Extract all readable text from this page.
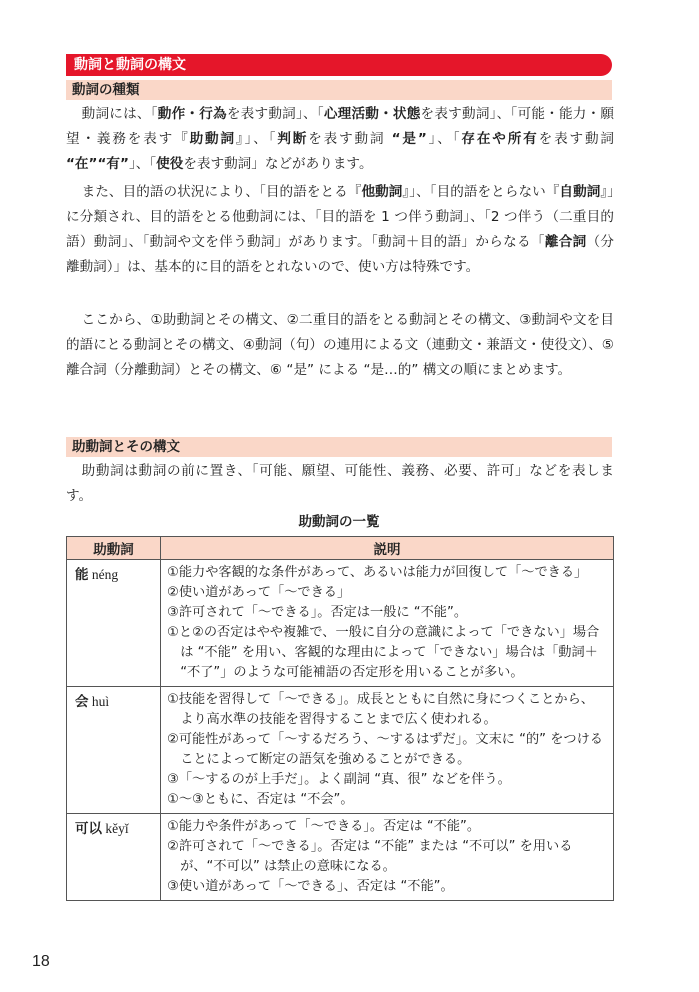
動詞と動詞の構文
動詞の種類

動詞には、「動作・行為を表す動詞」、「心理活動・状態を表す動詞」、「可能・能力・願望・義務を表す『助動詞』」、「判断を表す動詞 “是”」、「存在や所有を表す動詞 “在”“有”」、「使役を表す動詞」などがあります。

また、目的語の状況により、「目的語をとる『他動詞』」、「目的語をとらない『自動詞』」に分類され、目的語をとる他動詞には、「目的語を 1 つ伴う動詞」、「2 つ伴う（二重目的語）動詞」、「動詞や文を伴う動詞」があります。「動詞＋目的語」からなる「離合詞（分離動詞）」は、基本的に目的語をとれないので、使い方は特殊です。

ここから、①助動詞とその構文、②二重目的語をとる動詞とその構文、③動詞や文を目的語にとる動詞とその構文、④動詞（句）の連用による文（連動文・兼語文・使役文）、⑤離合詞（分離動詞）とその構文、⑥ “是” による “是…的” 構文の順にまとめます。

助動詞とその構文

助動詞は動詞の前に置き、「可能、願望、可能性、義務、必要、許可」などを表します。

助動詞の一覧
助動詞	説明
能 néng	①能力や客観的な条件があって、あるいは能力が回復して「〜できる」
②使い道があって「〜できる」
③許可されて「〜できる」。否定は一般に “不能”。
①と②の否定はやや複雑で、一般に自分の意識によって「できない」場合は “不能” を用い、客観的な理由によって「できない」場合は「動詞＋ “不了”」のような可能補語の否定形を用いることが多い。

会 huì	①技能を習得して「〜できる」。成長とともに自然に身につくことから、より高水準の技能を習得することまで広く使われる。
②可能性があって「〜するだろう、〜するはずだ」。文末に “的” をつけることによって断定の語気を強めることができる。
③「〜するのが上手だ」。よく副詞 “真、很” などを伴う。
①〜③ともに、否定は “不会”。

可以 kěyǐ	①能力や条件があって「〜できる」。否定は “不能”。
②許可されて「〜できる」。否定は “不能” または “不可以” を用いるが、“不可以” は禁止の意味になる。
③使い道があって「〜できる」、否定は “不能”。
18
